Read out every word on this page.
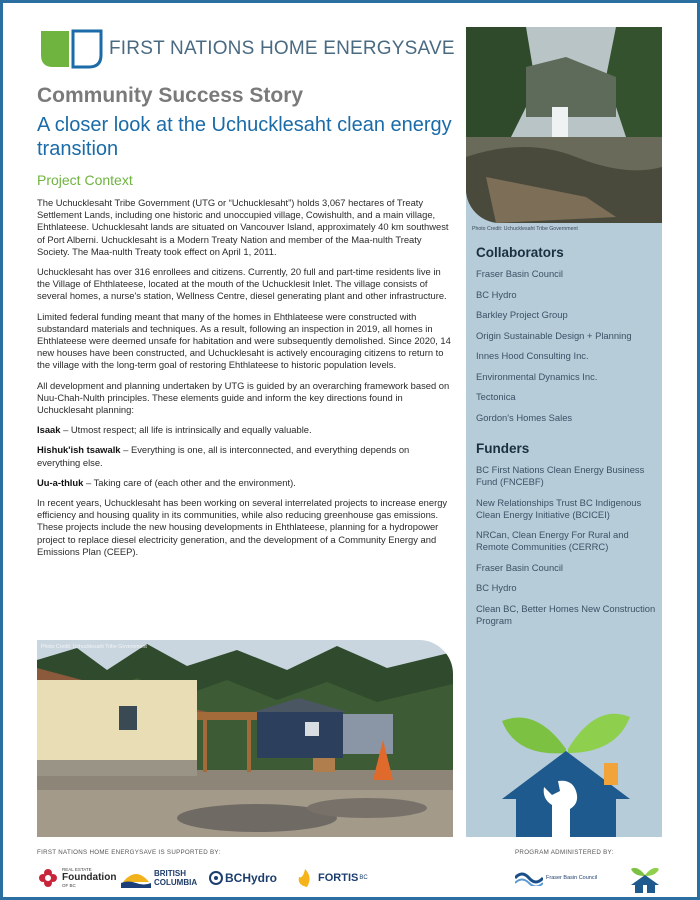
FIRST NATIONS HOME ENERGYSAVE
Community Success Story
A closer look at the Uchucklesaht clean energy transition
Project Context

The Uchucklesaht Tribe Government (UTG or “Uchucklesaht”) holds 3,067 hectares of Treaty Settlement Lands, including one historic and unoccupied village, Cowishulth, and a main village, Ehthlateese. Uchucklesaht lands are situated on Vancouver Island, approximately 40 km southwest of Port Alberni. Uchucklesaht is a Modern Treaty Nation and member of the Maa-nulth Treaty Society. The Maa-nulth Treaty took effect on April 1, 2011.

Uchucklesaht has over 316 enrollees and citizens. Currently, 20 full and part-time residents live in the Village of Ehthlateese, located at the mouth of the Uchucklesit Inlet. The village consists of several homes, a nurse's station, Wellness Centre, diesel generating plant and other infrastructure.

Limited federal funding meant that many of the homes in Ehthlateese were constructed with substandard materials and techniques. As a result, following an inspection in 2019, all homes in Ehthlateese were deemed unsafe for habitation and were subsequently demolished. Since 2020, 14 new houses have been constructed, and Uchucklesaht is actively encouraging citizens to return to the village with the long-term goal of restoring Ehthlateese to historic population levels.

All development and planning undertaken by UTG is guided by an overarching framework based on Nuu-Chah-Nulth principles. These elements guide and inform the key directions found in Uchucklesaht planning:

Isaak – Utmost respect; all life is intrinsically and equally valuable.

Hishuk'ish tsawalk – Everything is one, all is interconnected, and everything depends on everything else.

Uu-a-thluk – Taking care of (each other and the environment).

In recent years, Uchucklesaht has been working on several interrelated projects to increase energy efficiency and housing quality in its communities, while also reducing greenhouse gas emissions. These projects include the new housing developments in Ehthlateese, planning for a hydropower project to replace diesel electricity generation, and the development of a Community Energy and Emissions Plan (CEEP).

Photo Credit: Uchucklesaht Tribe Government
Photo Credit: Uchucklesaht Tribe Government
Collaborators
Fraser Basin Council
BC Hydro
Barkley Project Group
Origin Sustainable Design + Planning
Innes Hood Consulting Inc.
Environmental Dynamics Inc.
Tectonica
Gordon's Homes Sales
Funders
BC First Nations Clean Energy Business Fund (FNCEBF)
New Relationships Trust BC Indigenous Clean Energy Initiative (BCICEI)
NRCan, Clean Energy For Rural and Remote Communities (CERRC)
Fraser Basin Council
BC Hydro
Clean BC, Better Homes New Construction Program
FIRST NATIONS HOME ENERGYSAVE IS SUPPORTED BY:	PROGRAM ADMINISTERED BY:
REAL ESTATE
Foundation
OF BC
BRITISH
COLUMBIA BCHydro	FORTIS BC	Fraser Basin Council
